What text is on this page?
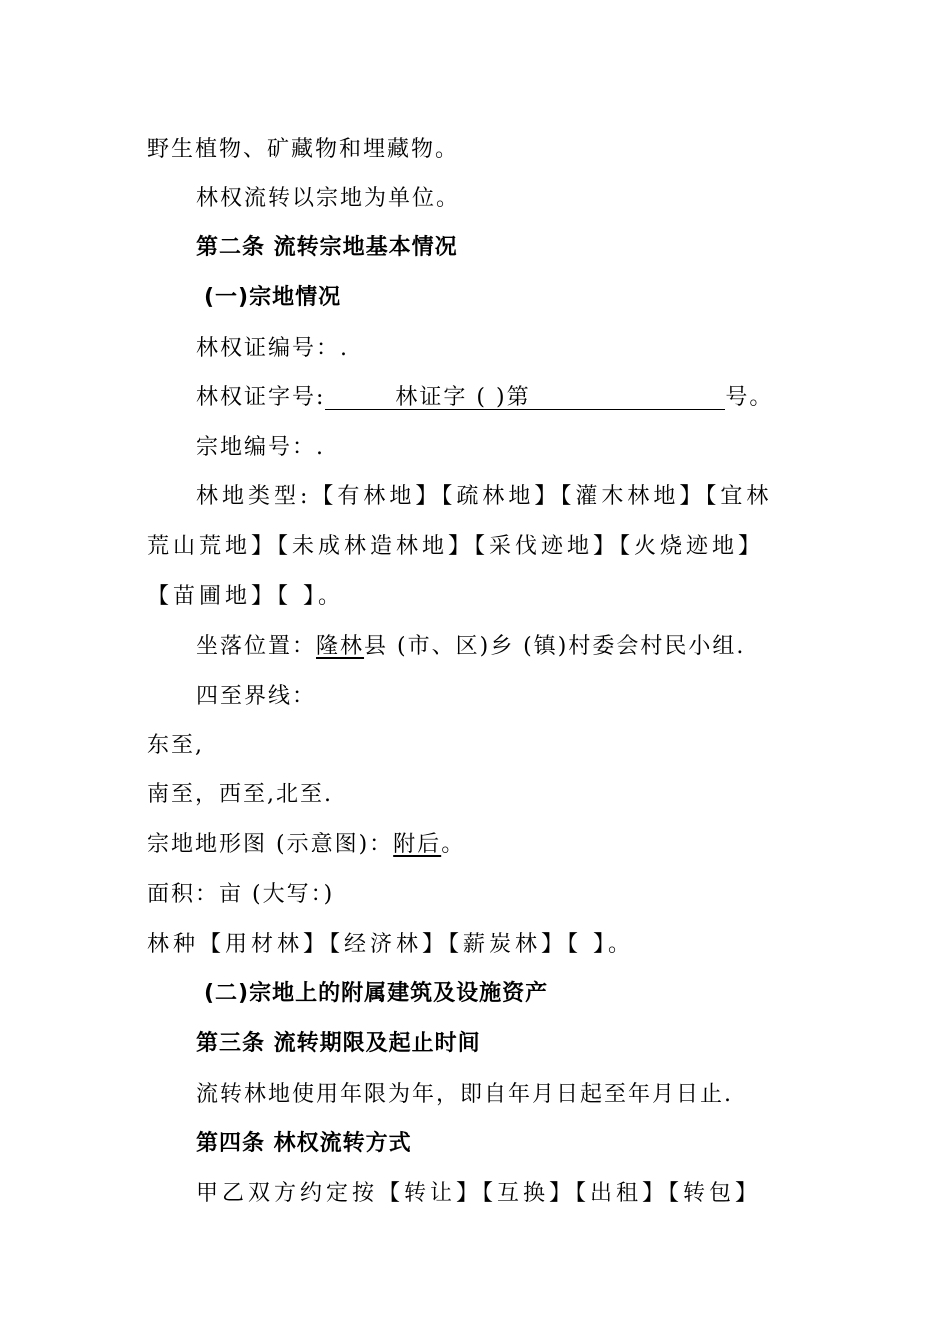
野生植物、矿藏物和埋藏物。
林权流转以宗地为单位。
第二条 流转宗地基本情况
(一)宗地情况
林权证编号：.
林权证字号:	林证字 ( )第	号。
宗地编号：.
林地类型:【有林地】【疏林地】【灌木林地】【宜林
荒山荒地】【未成林造林地】【采伐迹地】【火烧迹地】
【苗圃地】【 】。
坐落位置：隆林县 (市、区)乡 (镇)村委会村民小组.
四至界线：
东至,
南至，西至,北至.
宗地地形图 (示意图)：附后。
面积：亩 (大写：)
林种【用材林】【经济林】【薪炭林】【 】。
(二)宗地上的附属建筑及设施资产
第三条 流转期限及起止时间
流转林地使用年限为年，即自年月日起至年月日止.
第四条 林权流转方式
甲乙双方约定按【转让】【互换】【出租】【转包】
